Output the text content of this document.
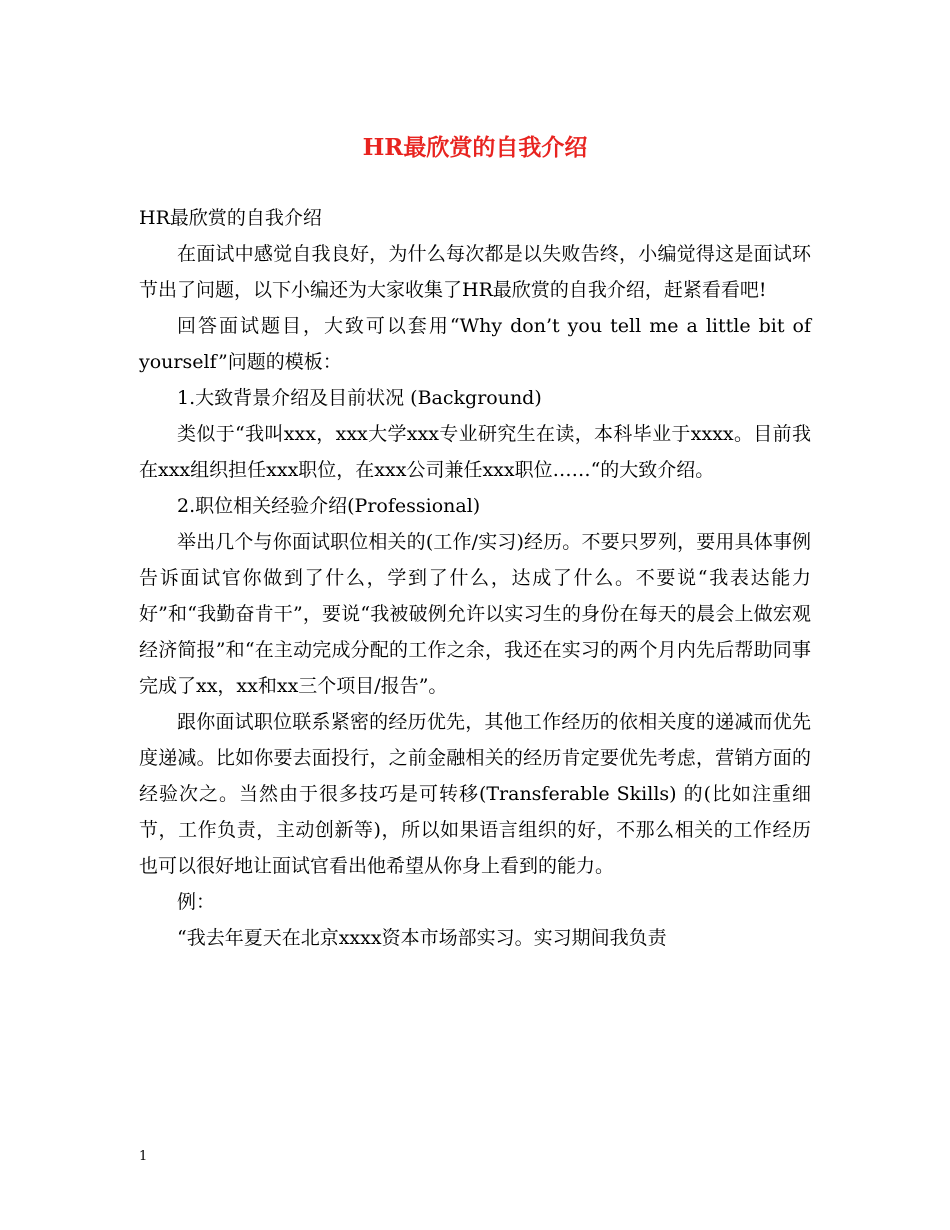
HR最欣赏的自我介绍

HR最欣赏的自我介绍

在面试中感觉自我良好，为什么每次都是以失败告终，小编觉得这是面试环节出了问题，以下小编还为大家收集了HR最欣赏的自我介绍，赶紧看看吧!

回答面试题目，大致可以套用“Why don’t you tell me a little bit of yourself”问题的模板：

1.大致背景介绍及目前状况 (Background)

类似于“我叫xxx，xxx大学xxx专业研究生在读，本科毕业于xxxx。目前我在xxx组织担任xxx职位，在xxx公司兼任xxx职位……“的大致介绍。

2.职位相关经验介绍(Professional)

举出几个与你面试职位相关的(工作/实习)经历。不要只罗列，要用具体事例告诉面试官你做到了什么，学到了什么，达成了什么。不要说“我表达能力好”和“我勤奋肯干”，要说“我被破例允许以实习生的身份在每天的晨会上做宏观经济简报”和“在主动完成分配的工作之余，我还在实习的两个月内先后帮助同事完成了xx，xx和xx三个项目/报告”。

跟你面试职位联系紧密的经历优先，其他工作经历的依相关度的递减而优先度递减。比如你要去面投行，之前金融相关的经历肯定要优先考虑，营销方面的经验次之。当然由于很多技巧是可转移(Transferable Skills) 的(比如注重细节，工作负责，主动创新等)，所以如果语言组织的好，不那么相关的工作经历也可以很好地让面试官看出他希望从你身上看到的能力。

例：

“我去年夏天在北京xxxx资本市场部实习。实习期间我负责

1
